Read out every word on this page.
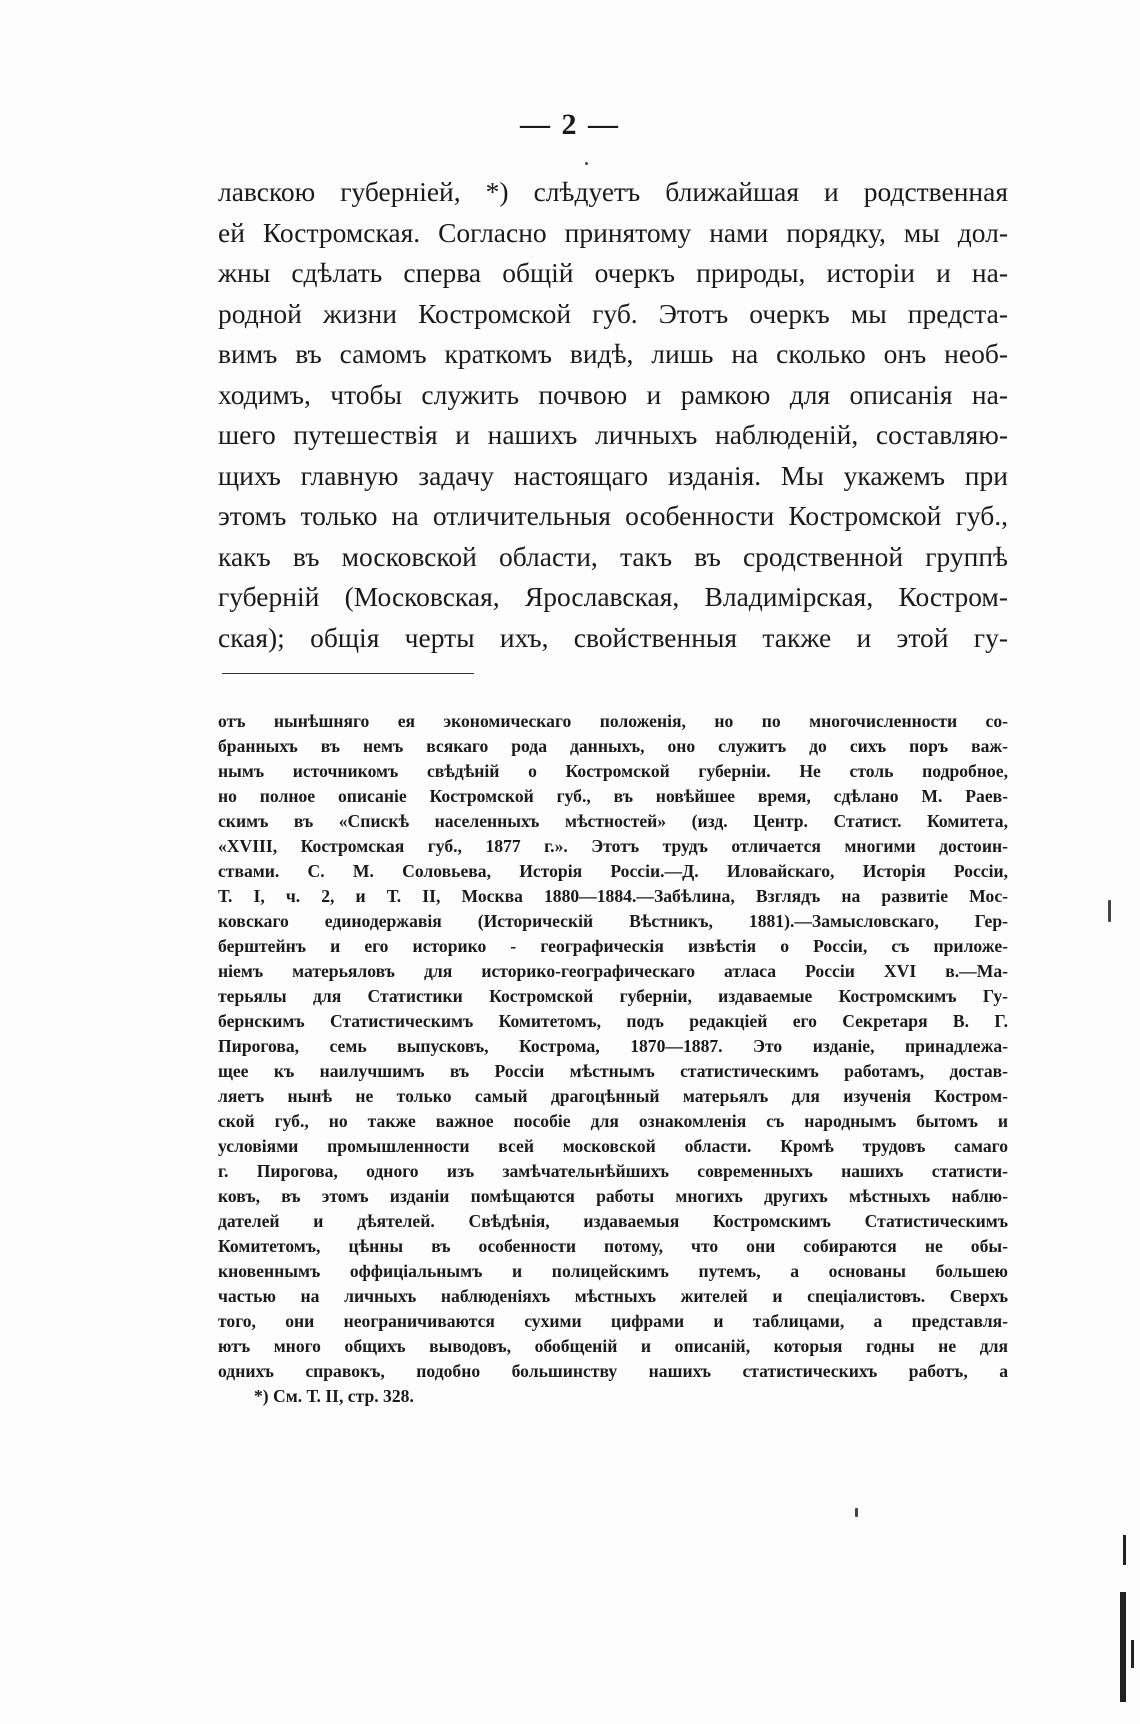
— 2 —
лавскою губерніей, *) слѣдуетъ ближайшая и родственная
ей Костромская. Согласно принятому нами порядку, мы дол-
жны сдѣлать сперва общій очеркъ природы, исторіи и на-
родной жизни Костромской губ. Этотъ очеркъ мы предста-
вимъ въ самомъ краткомъ видѣ, лишь на сколько онъ необ-
ходимъ, чтобы служить почвою и рамкою для описанія на-
шего путешествія и нашихъ личныхъ наблюденій, составляю-
щихъ главную задачу настоящаго изданія. Мы укажемъ при
этомъ только на отличительныя особенности Костромской губ.,
какъ въ московской области, такъ въ сродственной группѣ
губерній (Московская, Ярославская, Владимірская, Костром-
ская); общія черты ихъ, свойственныя также и этой гу-
отъ нынѣшняго ея экономическаго положенія, но по многочисленности со-
бранныхъ въ немъ всякаго рода данныхъ, оно служитъ до сихъ поръ важ-
нымъ источникомъ свѣдѣній о Костромской губерніи. Не столь подробное,
но полное описаніе Костромской губ., въ новѣйшее время, сдѣлано М. Раев-
скимъ въ «Спискѣ населенныхъ мѣстностей» (изд. Центр. Статист. Комитета,
«XVIII, Костромская губ., 1877 г.». Этотъ трудъ отличается многими достоин-
ствами. С. М. Соловьева, Исторія Россіи.—Д. Иловайскаго, Исторія Россіи,
Т. I, ч. 2, и Т. II, Москва 1880—1884.—Забѣлина, Взглядъ на развитіе Мос-
ковскаго единодержавія (Историческій Вѣстникъ, 1881).—Замысловскаго, Гер-
берштейнъ и его историко - географическія извѣстія о Россіи, съ приложе-
ніемъ матерьяловъ для историко-географическаго атласа Россіи XVI в.—Ма-
терьялы для Статистики Костромской губерніи, издаваемые Костромскимъ Гу-
бернскимъ Статистическимъ Комитетомъ, подъ редакціей его Секретаря В. Г.
Пирогова, семь выпусковъ, Кострома, 1870—1887. Это изданіе, принадлежа-
щее къ наилучшимъ въ Россіи мѣстнымъ статистическимъ работамъ, достав-
ляетъ нынѣ не только самый драгоцѣнный матерьялъ для изученія Костром-
ской губ., но также важное пособіе для ознакомленія съ народнымъ бытомъ и
условіями промышленности всей московской области. Кромѣ трудовъ самаго
г. Пирогова, одного изъ замѣчательнѣйшихъ современныхъ нашихъ статисти-
ковъ, въ этомъ изданіи помѣщаются работы многихъ другихъ мѣстныхъ наблю-
дателей и дѣятелей. Свѣдѣнія, издаваемыя Костромскимъ Статистическимъ
Комитетомъ, цѣнны въ особенности потому, что они собираются не обы-
кновеннымъ оффиціальнымъ и полицейскимъ путемъ, а основаны большею
частью на личныхъ наблюденіяхъ мѣстныхъ жителей и спеціалистовъ. Сверхъ
того, они неограничиваются сухими цифрами и таблицами, а представля-
ютъ много общихъ выводовъ, обобщеній и описаній, которыя годны не для
однихъ справокъ, подобно большинству нашихъ статистическихъ работъ, а
*) См. Т. II, стр. 328.
